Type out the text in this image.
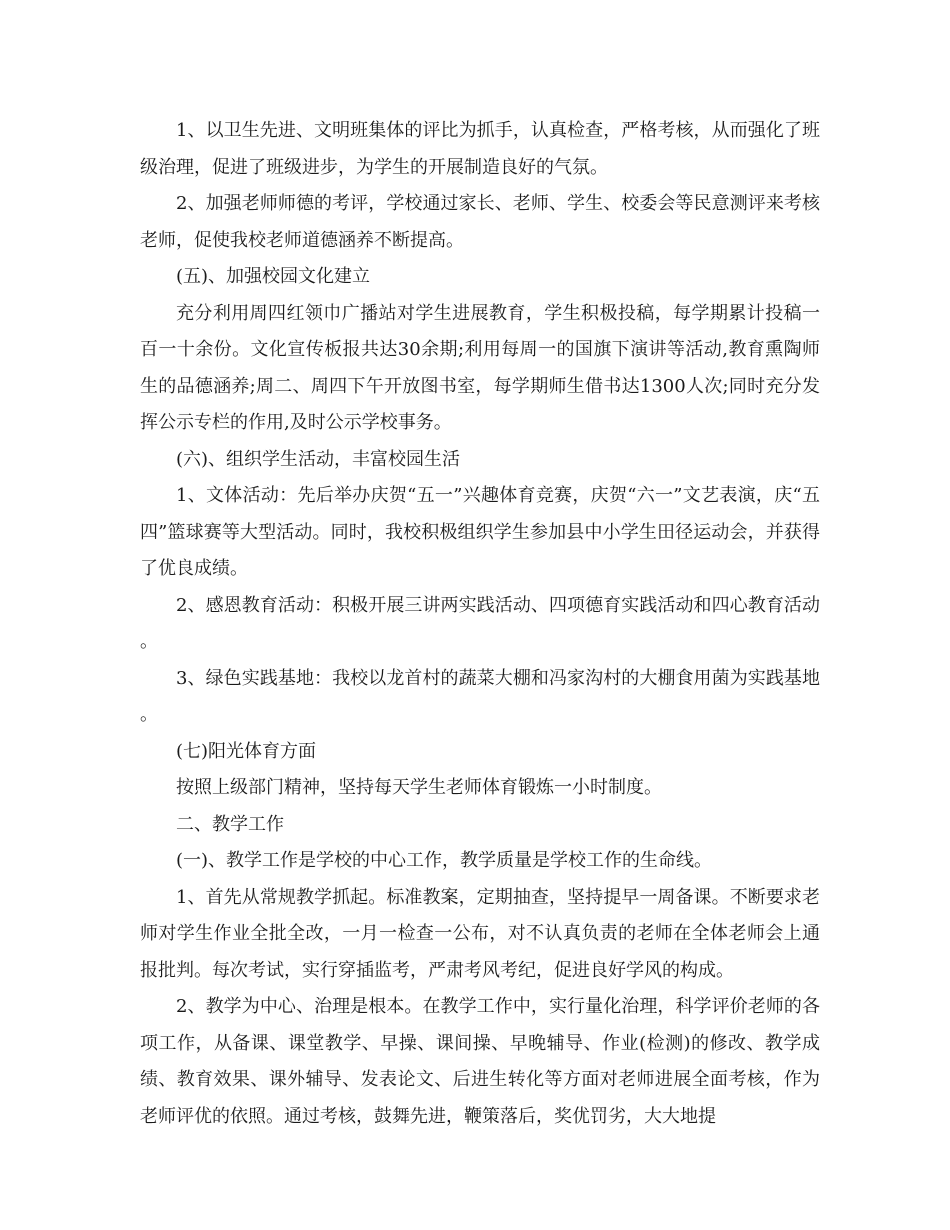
1、以卫生先进、文明班集体的评比为抓手，认真检查，严格考核，从而强化了班级治理，促进了班级进步，为学生的开展制造良好的气氛。

2、加强老师师德的考评，学校通过家长、老师、学生、校委会等民意测评来考核老师，促使我校老师道德涵养不断提高。

(五)、加强校园文化建立

充分利用周四红领巾广播站对学生进展教育，学生积极投稿，每学期累计投稿一百一十余份。文化宣传板报共达30余期;利用每周一的国旗下演讲等活动,教育熏陶师生的品德涵养;周二、周四下午开放图书室，每学期师生借书达1300人次;同时充分发挥公示专栏的作用,及时公示学校事务。

(六)、组织学生活动，丰富校园生活

1、文体活动：先后举办庆贺“五一”兴趣体育竞赛，庆贺“六一”文艺表演，庆“五四”篮球赛等大型活动。同时，我校积极组织学生参加县中小学生田径运动会，并获得了优良成绩。

2、感恩教育活动：积极开展三讲两实践活动、四项德育实践活动和四心教育活动。

3、绿色实践基地：我校以龙首村的蔬菜大棚和冯家沟村的大棚食用菌为实践基地。

(七)阳光体育方面

按照上级部门精神，坚持每天学生老师体育锻炼一小时制度。

二、教学工作

(一)、教学工作是学校的中心工作，教学质量是学校工作的生命线。

1、首先从常规教学抓起。标准教案，定期抽查，坚持提早一周备课。不断要求老师对学生作业全批全改，一月一检查一公布，对不认真负责的老师在全体老师会上通报批判。每次考试，实行穿插监考，严肃考风考纪，促进良好学风的构成。

2、教学为中心、治理是根本。在教学工作中，实行量化治理，科学评价老师的各项工作，从备课、课堂教学、早操、课间操、早晚辅导、作业(检测)的修改、教学成绩、教育效果、课外辅导、发表论文、后进生转化等方面对老师进展全面考核，作为老师评优的依照。通过考核，鼓舞先进，鞭策落后，奖优罚劣，大大地提
